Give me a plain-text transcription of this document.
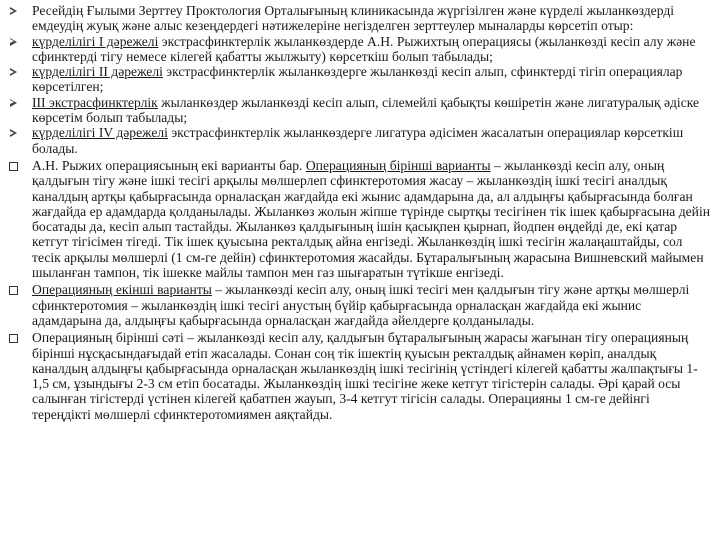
Ресейдің Ғылыми Зерттеу Проктология Орталығының клиникасында жүргізілген және күрделі жыланкөздерді емдеудің жуық және алыс кезеңдердегі нәтижелеріне негізделген зерттеулер мыналарды көрсетіп отыр:
күрделілігі І дәрежелі экстрасфинктерлік жыланкөздерде А.Н. Рыжихтың операциясы (жыланкөзді кесіп алу және сфинктерді тігу немесе кілегей қабатты жылжыту) көрсеткіш болып табылады;
күрделілігі ІІ дәрежелі экстрасфинктерлік жыланкөздерге жыланкөзді кесіп алып, сфинктерді тігіп операциялар көрсетілген;
ІІІ экстрасфинктерлік жыланкөздер жыланкөзді кесіп алып, сілемейлі қабықты көшіретін және лигатуралық әдіске көрсетім болып табылады;
күрделілігі ІV дәрежелі экстрасфинктерлік жыланкөздерге лигатура әдісімен жасалатын операциялар көрсеткіш болады.
А.Н. Рыжих операциясының екі варианты бар. Операцияның бірінші варианты – жыланкөзді кесіп алу, оның қалдығын тігу және ішкі тесігі арқылы мөлшерлеп сфинктеротомия жасау – жыланкөздің ішкі тесігі аналдық каналдың артқы қабырғасында орналасқан жағдайда екі жынис адамдарына да, ал алдыңғы қабырғасында болған жағдайда ер адамдарда қолданылады. Жыланкөз жолын жіпше түрінде сыртқы тесігінен тік ішек қабырғасына дейін босатады да, кесіп алып тастайды. Жыланкөз қалдығының ішін қасықпен қырнап, йодпен өңдейді де, екі қатар кетгут тігісімен тігеді. Тік ішек қуысына ректалдық айна енгізеді. Жыланкөздің ішкі тесігін жалаңаштайды, сол тесік арқылы мөлшерлі (1 см-ге дейін) сфинктеротомия жасайды. Бұтаралығының жарасына Вишневский майымен шыланған тампон, тік ішекке майлы тампон мен газ шығаратын түтікше енгізеді.
Операцияның екінші варианты – жыланкөзді кесіп алу, оның ішкі тесігі мен қалдығын тігу және артқы мөлшерлі сфинктеротомия – жыланкөздің ішкі тесігі анустың бүйір қабырғасында орналасқан жағдайда екі жынис адамдарына да, алдыңғы қабырғасында орналасқан жағдайда әйелдерге қолданылады.
Операцияның бірінші сәті – жыланкөзді кесіп алу, қалдығын бұтаралығының жарасы жағынан тігу операцияның бірінші нұсқасындағыдай етіп жасалады. Сонан соң тік ішектің қуысын ректалдық айнамен көріп, аналдық каналдың алдыңғы қабырғасында орналасқан жыланкөздің ішкі тесігінің үстіндегі кілегей қабатты жалпақтығы 1-1,5 см, ұзындығы 2-3 см етіп босатады. Жыланкөздің ішкі тесігіне жеке кетгут тігістерін салады. Әрі қарай осы салынған тігістерді үстінен кілегей қабатпен жауып, 3-4 кетгут тігісін салады. Операцияны 1 см-ге дейінгі тереңдікті мөлшерлі сфинктеротомиямен аяқтайды.
